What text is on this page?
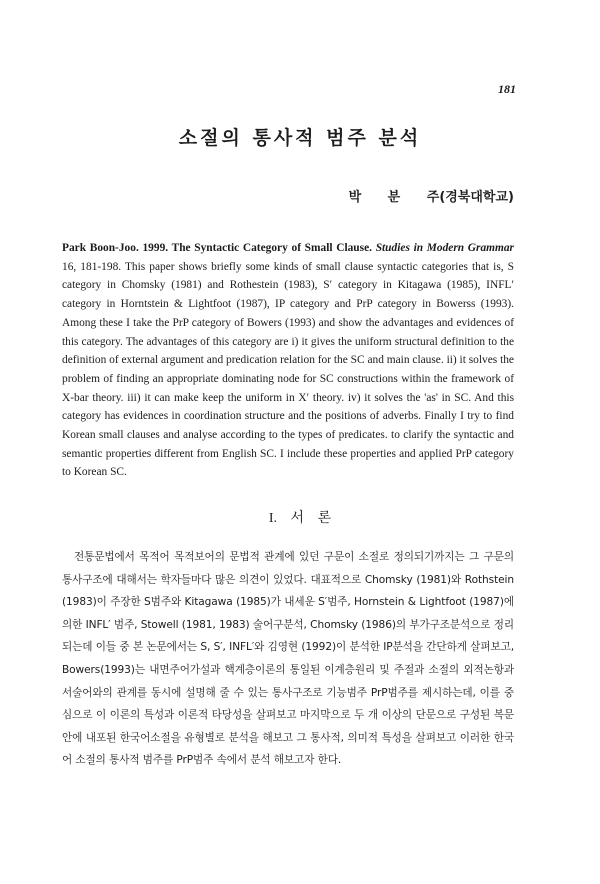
181
소절의 통사적 범주 분석
박 분 주(경북대학교)
Park Boon-Joo. 1999. The Syntactic Category of Small Clause. Studies in Modern Grammar 16, 181-198. This paper shows briefly some kinds of small clause syntactic categories that is, S category in Chomsky (1981) and Rothestein (1983), S′ category in Kitagawa (1985), INFL′ category in Horntstein & Lightfoot (1987), IP category and PrP category in Bowerss (1993). Among these I take the PrP category of Bowers (1993) and show the advantages and evidences of this category. The advantages of this category are i) it gives the uniform structural definition to the definition of external argument and predication relation for the SC and main clause. ii) it solves the problem of finding an appropriate dominating node for SC constructions within the framework of X-bar theory. iii) it can make keep the uniform in X′ theory. iv) it solves the 'as' in SC. And this category has evidences in coordination structure and the positions of adverbs. Finally I try to find Korean small clauses and analyse according to the types of predicates. to clarify the syntactic and semantic properties different from English SC. I include these properties and applied PrP category to Korean SC.
I. 서 론

전통문법에서 목적어 목적보어의 문법적 관계에 있던 구문이 소절로 정의되기까지는 그 구문의 통사구조에 대해서는 학자들마다 많은 의견이 있었다. 대표적으로 Chomsky (1981)와 Rothstein (1983)이 주장한 S범주와 Kitagawa (1985)가 내세운 S′범주, Hornstein & Lightfoot (1987)에 의한 INFL′ 범주, Stowell (1981, 1983) 술어구분석, Chomsky (1986)의 부가구조분석으로 정리되는데 이들 중 본 논문에서는 S, S′, INFL′와 김영현 (1992)이 분석한 IP분석을 간단하게 살펴보고, Bowers(1993)는 내면주어가설과 핵계층이론의 통일된 이계층원리 및 주절과 소절의 외적논항과 서술어와의 관계를 동시에 설명해 줄 수 있는 통사구조로 기능범주 PrP범주를 제시하는데, 이를 중심으로 이 이론의 특성과 이론적 타당성을 살펴보고 마지막으로 두 개 이상의 단문으로 구성된 복문 안에 내포된 한국어소절을 유형별로 분석을 해보고 그 통사적, 의미적 특성을 살펴보고 이러한 한국어 소절의 통사적 범주를 PrP범주 속에서 분석 해보고자 한다.
